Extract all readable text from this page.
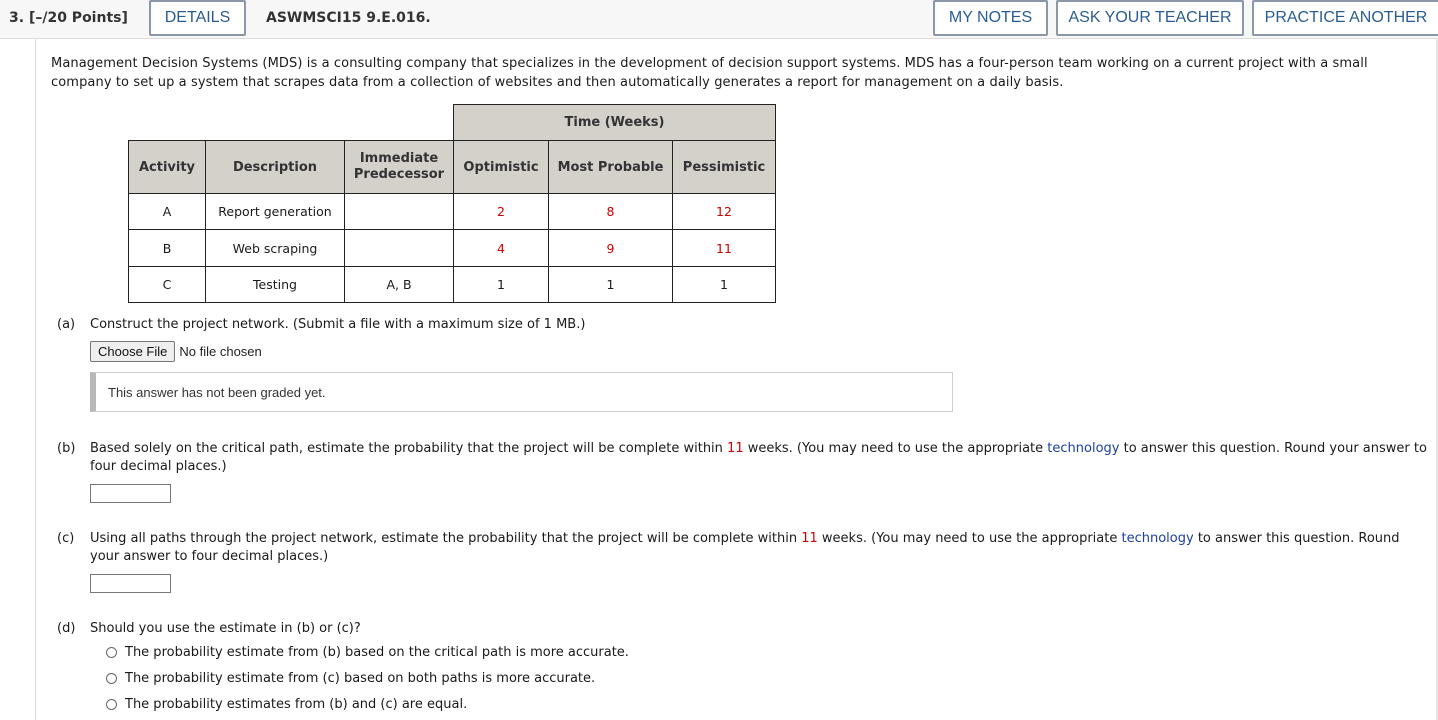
3. [–/20 Points]	DETAILS	ASWMSCI15 9.E.016.	MY NOTES	ASK YOUR TEACHER	PRACTICE ANOTHER
Management Decision Systems (MDS) is a consulting company that specializes in the development of decision support systems. MDS has a four-person team working on a current project with a small company to set up a system that scrapes data from a collection of websites and then automatically generates a report for management on a daily basis.
			Time (Weeks)		
Activity	Description	Immediate Predecessor	Optimistic	Most Probable	Pessimistic
A	Report generation		2	8	12
B	Web scraping		4	9	11
C	Testing	A, B	1	1	1
(a) Construct the project network. (Submit a file with a maximum size of 1 MB.)
Choose File No file chosen
This answer has not been graded yet.
(b) Based solely on the critical path, estimate the probability that the project will be complete within 11 weeks. (You may need to use the appropriate technology to answer this question. Round your answer to four decimal places.)
(c) Using all paths through the project network, estimate the probability that the project will be complete within 11 weeks. (You may need to use the appropriate technology to answer this question. Round your answer to four decimal places.)
(d) Should you use the estimate in (b) or (c)?
The probability estimate from (b) based on the critical path is more accurate.
The probability estimate from (c) based on both paths is more accurate.
The probability estimates from (b) and (c) are equal.
